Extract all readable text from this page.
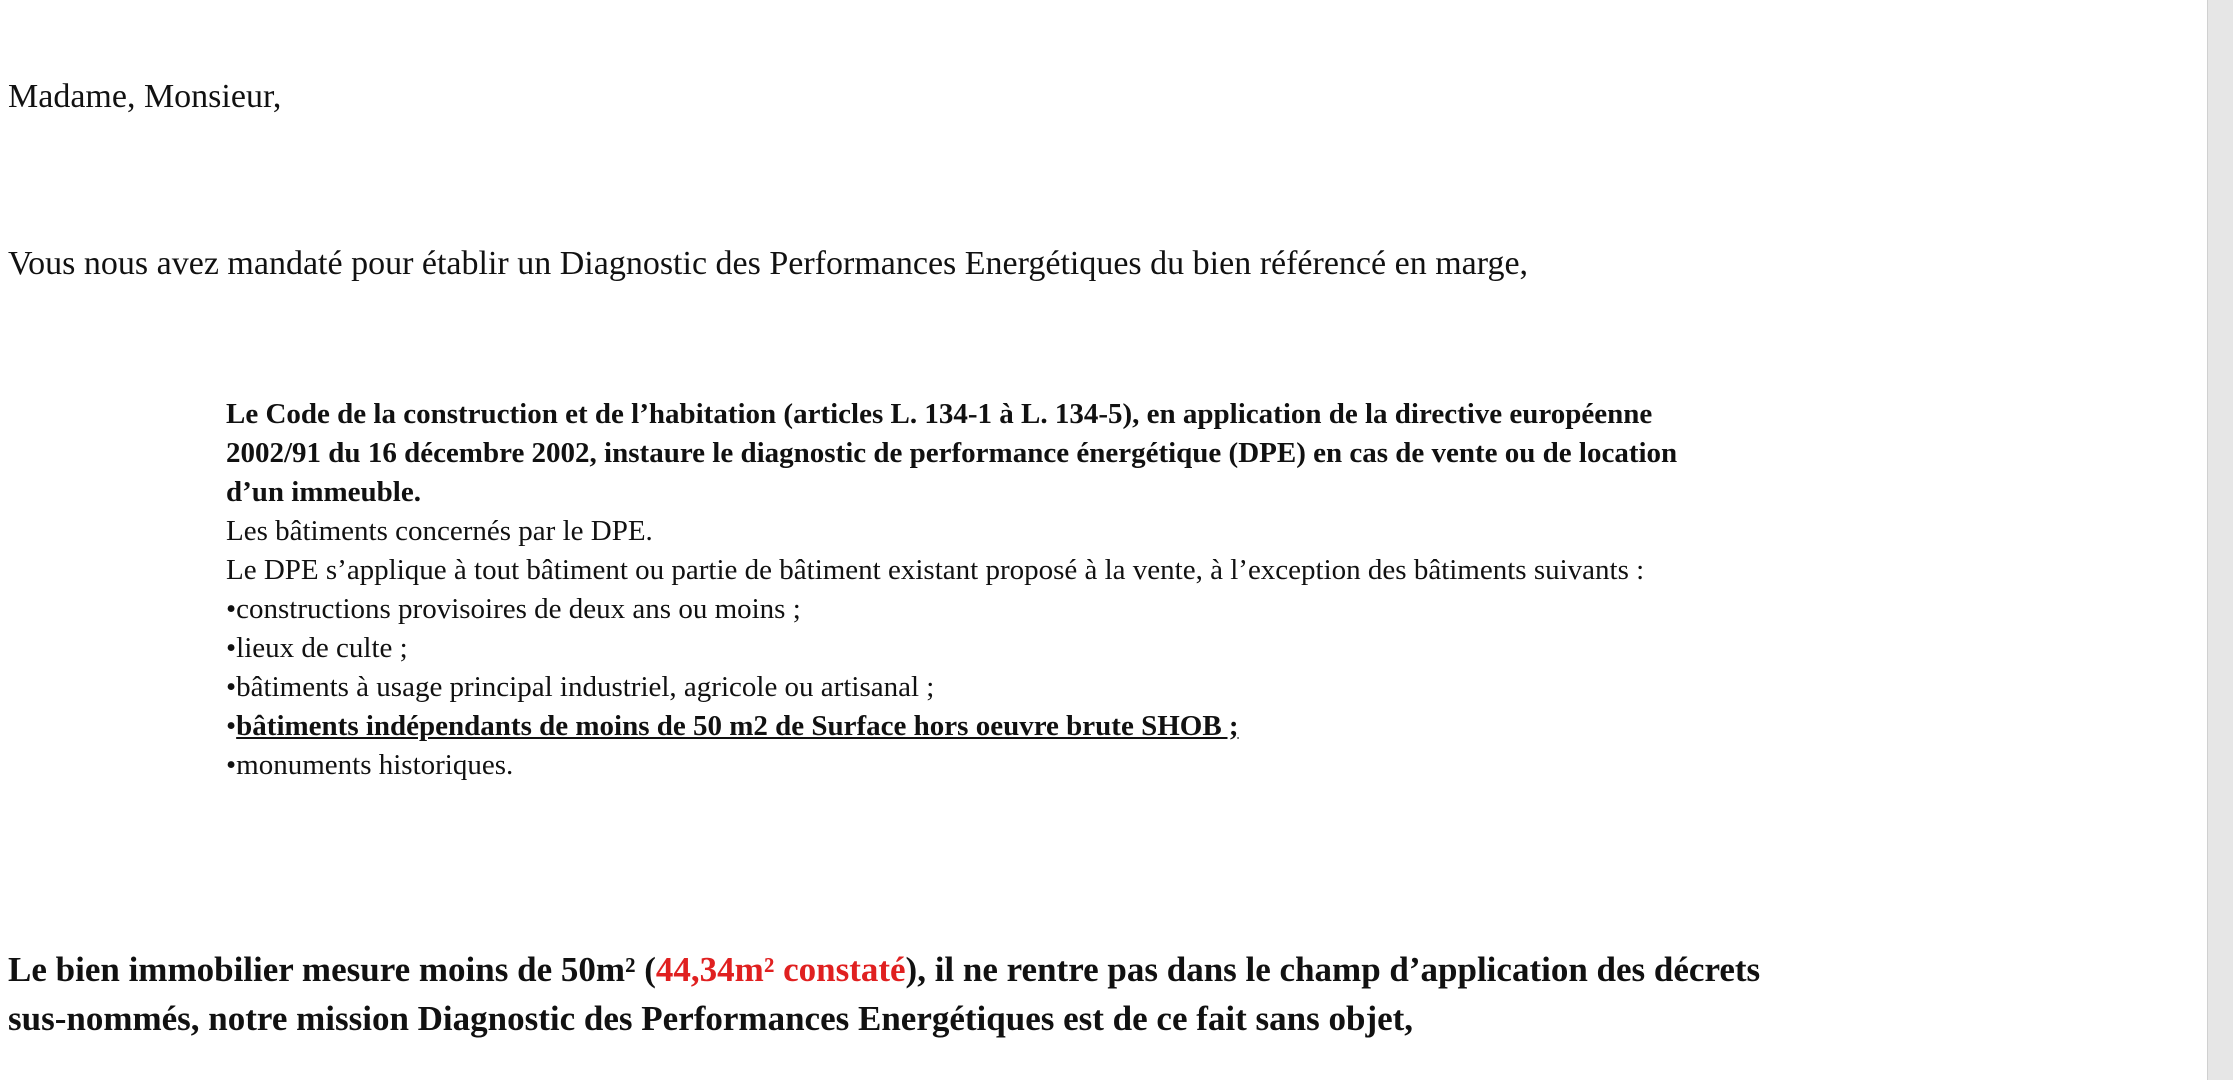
Madame, Monsieur,

Vous nous avez mandaté pour établir un Diagnostic des Performances Energétiques du bien référencé en marge,

Le Code de la construction et de l’habitation (articles L. 134-1 à L. 134-5), en application de la directive européenne

2002/91 du 16 décembre 2002, instaure le diagnostic de performance énergétique (DPE) en cas de vente ou de location

d’un immeuble.

Les bâtiments concernés par le DPE.

Le DPE s’applique à tout bâtiment ou partie de bâtiment existant proposé à la vente, à l’exception des bâtiments suivants :

•constructions provisoires de deux ans ou moins ;

•lieux de culte ;

•bâtiments à usage principal industriel, agricole ou artisanal ;

•bâtiments indépendants de moins de 50 m2 de Surface hors oeuvre brute SHOB ;

•monuments historiques.

Le bien immobilier mesure moins de 50m² (44,34m² constaté), il ne rentre pas dans le champ d’application des décrets

sus-nommés, notre mission Diagnostic des Performances Energétiques est de ce fait sans objet,
